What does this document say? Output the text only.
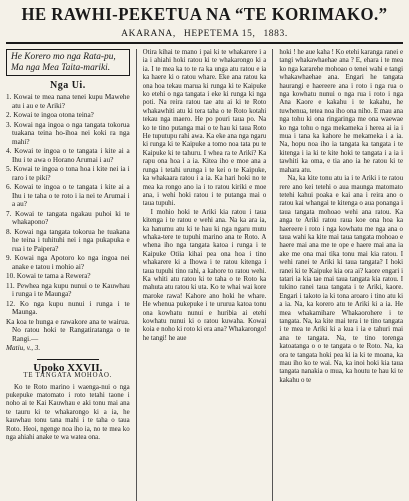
HE RAWHI-PEKETUA NA “TE KORIMAKO.”
AKARANA, HEPETEMA 15, 1883.
He Korero mo nga Rata-pu, Ma nga Mea Taita-mariki.
Nga Ui.

1. Kowai te mea nana tenei kupu Mawehe atu i au e te Ariki?

2. Kowai te ingoa otona teina?

3. Kowai nga ingoa o nga tangata tokorua tuakana teina ho-ihoa nei koki ra nga mahi?

4. Kowai te ingoa o te tangata i kite ai a Ihu i te awa o Horano Arumai i au?

5. Kowai te ingoa o tona hoa i kite nei ia i raro i te piki?

6. Kowai te ingoa o te tangata i kite ai a Ihu i te taha o te roto i ia nei te Arumai i a au?

7. Kowai te tangata ngakau puhoi ki te whakapono?

8. Kowai nga tangata tokorua he tuakana he teina i tuhituhi nei i nga pukapuka e rua i te Paipera?

9. Kowai nga Apotoro ko nga ingoa nei anake e tatou i mohio ai?

10. Kowai te tama a Rewera?

11. Pewhea nga kupu nunui o te Kauwhau i runga i te Maunga?

12. Ko nga kupu nunui i runga i te Maunga.

Ka koa te hunga e rawakore ana te wairua. No ratou hoki te Rangatiratanga o te Rangi.—

Matiu, v., 3.
Upoko XXVII.
TE TANGATA MOHOAO.

Ko te Roto marino i waenga-nui o nga pukepuke matomato i roto tetahi taone i noho ai te Kai Kauwhau e aki tonu mai ana te tauru ki te whakarongo ki a ia, he kauwhau tonu tana mahi i te taha o taua Roto. Heoi, ngenge noa iho ia, no te mea ko nga ahiahi anake te wa watea ona.

Otira kihai te mano i pai ki te whakarere i a ia i ahiahi hoki ratou ki te whakarongo ki a ia. I te mea ka to te ra ka unga atu ratou e ia ka haere ki o ratou whare. Eke ana ratou ka ona hoa tekau marua ki runga ki te Kaipuke ko etehi o nga tangata i eke ki runga ki nga poti. Na reira ratou tae atu ai ki te Roto whakawhiti atu ki tera taha o te Roto kotahi tekau nga maero. He po pouri taua po. Na ko te tino putanga mai o te hau ki taua Roto He tuputupu rahi awa. Ka eke ana nga ngaru ki runga ki te Kaipuke a tomo noa tata pu te Kaipuke ki te tahuru. I whea ra te Ariki? Ka rapu ona hoa i a ia. Kitea iho e moe ana a runga i tetahi urunga i te kei o te Kaipuke, ka whakaara ratou i a ia. Ka hari hoki no te mea ka rongo ano ia i to ratou kiriki e moe ana, i wehi hoki ratou i te putanga mai o taua tupuhi.

I mohio hoki te Ariki kia ratou i taua kitenga i te ratou e wehi ana. Na ka ara ia, ka hanumu atu ki te hau ki nga ngaru mutu whaka-tere te tupuhi marino ana te Roto. A whena iho nga tangata katoa i runga i te Kaipuke Otiia kihai pea ona hoa i tino whakarere ki a Ihowa i te ratou kitenga i taua tupuhi tino rahi, a kahore to ratou wehi. Ka whiti atu ratou ki te taha o te Roto ka mahuta atu ratou ki uta. Ko te whai wai kore maroke rawa! Kahore ano hoki he whare. He whenua pukepuke i te ururua katoa tonu ona kowhatu nunui e huribia ai etehi kowhatu nunui ki o ratou kuwaha. Kowai koia e noho ki roto ki era ana? Whakarongo! he tangi! he aue

hoki ! he aue kaha ! Ko etehi karanga ranei e tangi whakawhaehae ana ? E, ehara i te mea ko nga kararehe mohoao o tenei wahi e tangi whakawhaehae ana. Engari he tangata haurangi e haereere ana i roto i nga rua o nga kowhatu nunui o nga rua i roto i nga Ana Kaore e kakahu i te kakahu, he tuwhenua, tetea noa iho ona niho. E mau ana nga tohu ki ona ringaringa me ona waewae ko nga tohu o nga mekameka i herea ai ia i mua i tana ka kahore he mekameka i a ia. Na, hopu noa iho ia tangata ka tangata i te kitenga i ia ki te kite hoki te tangata i a ia i tawhiti ka oma, e tia ano ia he ratou ki te mahara atu.

Na, ka kite tonu atu ia i te Ariki i te ratou rere ano kei tetehi o aua maunga matomato tetehi kahui poaka e kai ana i reira ano o ratou kai whangai te kitenga o aua ponanga i taua tangata mohoao wehi ana ratou. Ka anga te Ariki ratou raua koe ona hoa ka haereere i roto i nga kowhatu me nga ana o taua wahi ka kite mai taua tangata mohoao e haere mai ana me te ope e haere mai ana ia ake me ona mai tika tonu mai kia ratou. I wehi ranei te Ariki ki taua tangata? I hoki ranei ki te Kaipuke kia ora ai? kaore engari i tatari ia kia tae mai taua tangata kia ratou. I tukino ranei taua tangata i te Ariki, kaore. Engari i takoto ia ki tona aroaro i tino atu ki a ia. Na, ka korero atu te Ariki ki a ia. He mea whakamihare Whakaorohere i te tangata. Na, ka kite mai tera i te tino tangata i te mea te Ariki ki a kua i ia e tahuri mai ana te tangata. Na, te tino torenga katoatanga o o te tangata o te Roto. Na, ka ora te tangata hoki pea ki ia ki te moana, ka mau iho ko te wai. Na, ka inoi hoki kia taua tangata nanakia o mua, ka houtu te hau ki te kakahu o te
